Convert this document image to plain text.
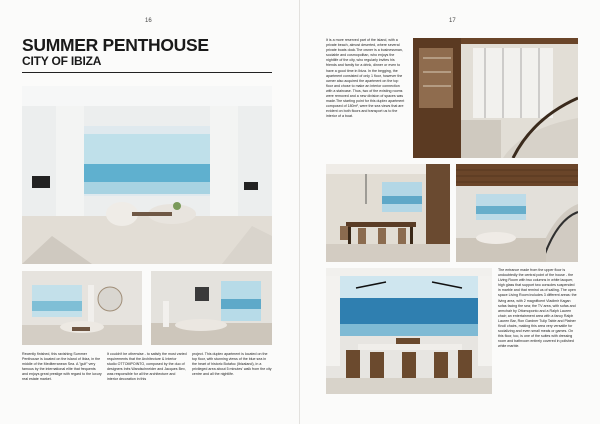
16
SUMMER PENTHOUSE
CITY OF IBIZA
Recently finished, this ravishing Summer Penthouse is located on the island of Ibiza, in the middle of the Mediterranean Sea. A "gulf" very famous by the international elite that frequents and enjoys great prestige with regard to the luxury real estate market.
It couldn't be otherwise - to satisfy the most varied requirements that the Architecture & Interior studio OTTOMPOINTO, composed by the duo of designers Inês Wandschneider and Jacques Bex, was responsible for all the architecture and interior decoration in this
project. This duplex apartment is located on the top floor, with stunning views of the blue sea in the heart of historic Botafoc (Ibizaland), in a privileged area about 5 minutes' walk from the city centre and all the nightlife.
17
It is a more reserved part of the island, with a private beach, almost deserted, where several private boats dock.The owner is a businessman, sociable and cosmopolitan, who enjoys the nightlife of the city, who regularly invites his friends and family for a drink, dinner or even to have a good time in Ibiza. In the begging, the apartment consisted of only 1 floor, however the owner also acquired the apartment on the top floor and chose to make an interior connection with a staircase. Thus, two of the existing rooms were removed and a new division of spaces was made.The starting point for this duplex apartment composed of 180m², were the sea views that are evident on both floors and transport us to the interior of a boat.
The entrance made from the upper floor is undoubtedly the central point of the house - the Living Room with two columns in white lacquer, high glass that support two consoles suspended in marble and that remind us of sailing. The open space Living Room includes 3 different areas: the living area, with 2 magnificent Vladimir Kagan sofas facing the sea; the TV area, with sofas and armchair by Ottomoponto and a Ralph Lauren chair; an entertainment area with a fancy Ralph Lauren Bar, Ron Gardner Tulip Table and Platner Knoll chairs, making this area very versatile for socializing and even small meals or games. On this floor, too, is one of the suites with dressing room and bathroom entirely covered in polished white marble.
